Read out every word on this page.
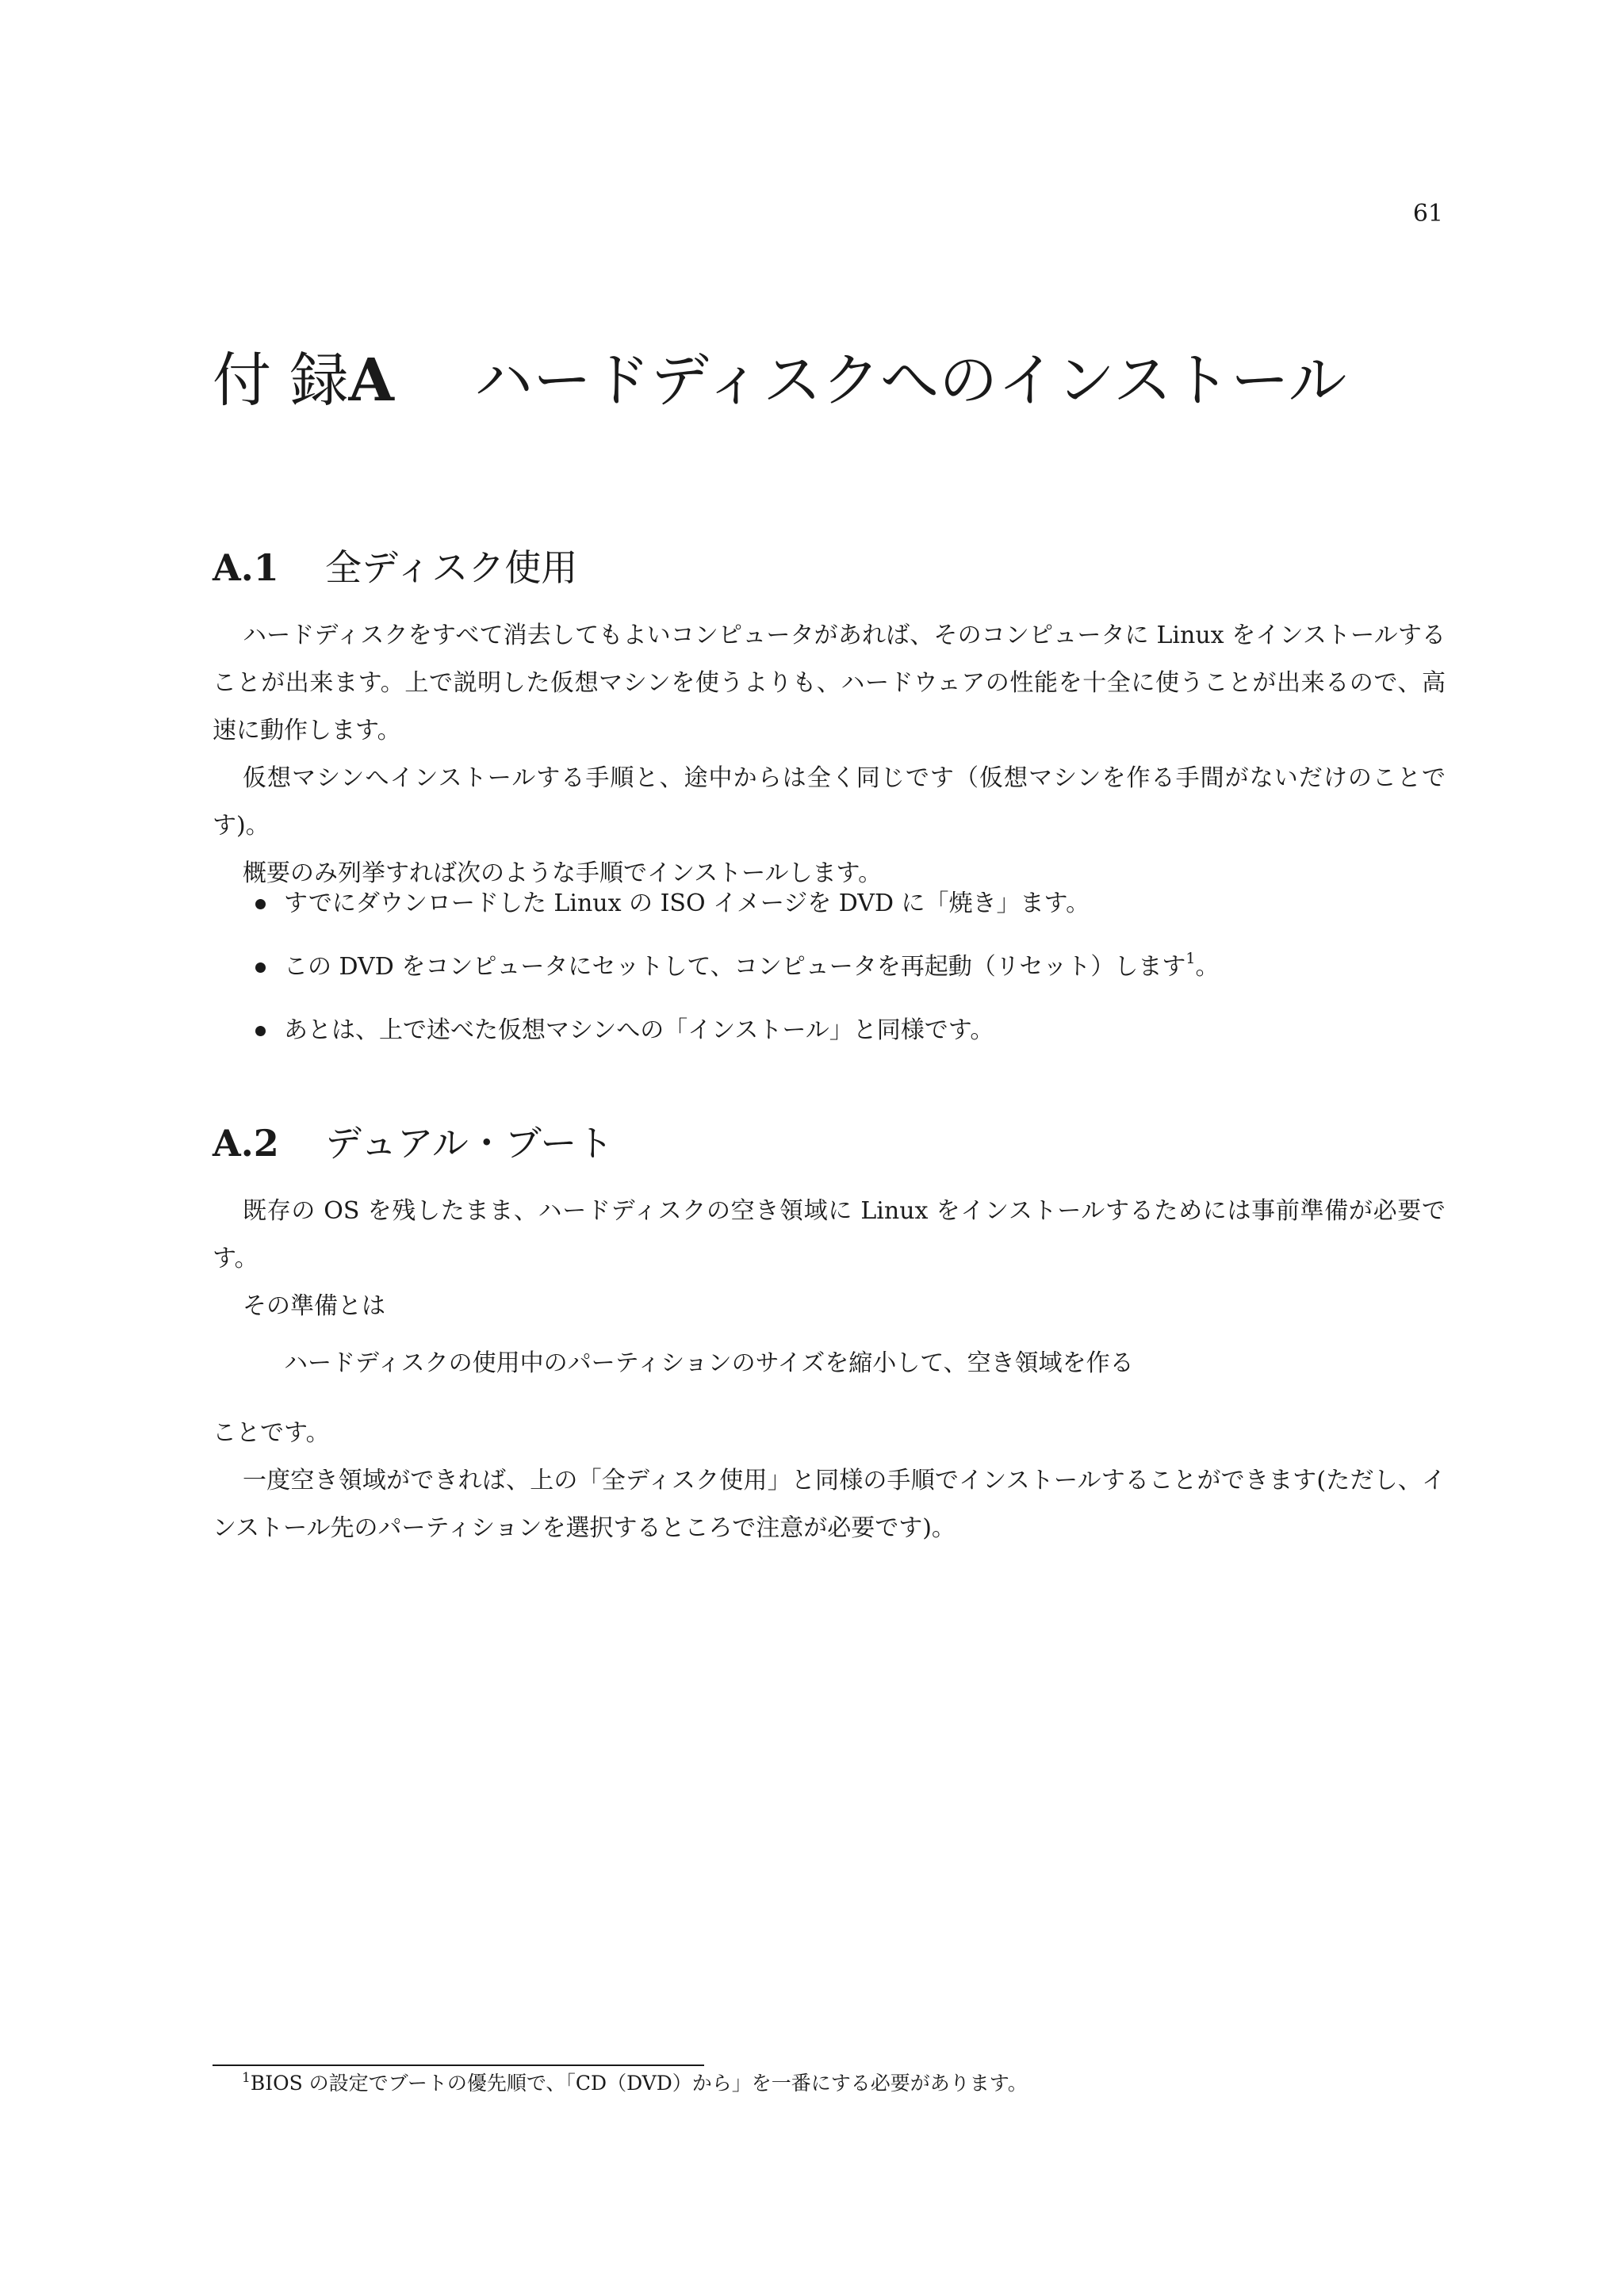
61
付 録A ハードディスクへのインストール
A.1 全ディスク使用

ハードディスクをすべて消去してもよいコンピュータがあれば、そのコンピュータに Linux をインストールすることが出来ます。上で説明した仮想マシンを使うよりも、ハードウェアの性能を十全に使うことが出来るので、高速に動作します。

仮想マシンへインストールする手順と、途中からは全く同じです（仮想マシンを作る手間がないだけのことです)。

概要のみ列挙すれば次のような手順でインストールします。

すでにダウンロードした Linux の ISO イメージを DVD に「焼き」ます。
この DVD をコンピュータにセットして、コンピュータを再起動（リセット）します$^1$。
あとは、上で述べた仮想マシンへの「インストール」と同様です。
A.2 デュアル・ブート

既存の OS を残したまま、ハードディスクの空き領域に Linux をインストールするためには事前準備が必要です。

その準備とは

ハードディスクの使用中のパーティションのサイズを縮小して、空き領域を作る

ことです。

一度空き領域ができれば、上の「全ディスク使用」と同様の手順でインストールすることができます(ただし、インストール先のパーティションを選択するところで注意が必要です)。

$^1$BIOS の設定でブートの優先順で、「CD（DVD）から」を一番にする必要があります。
